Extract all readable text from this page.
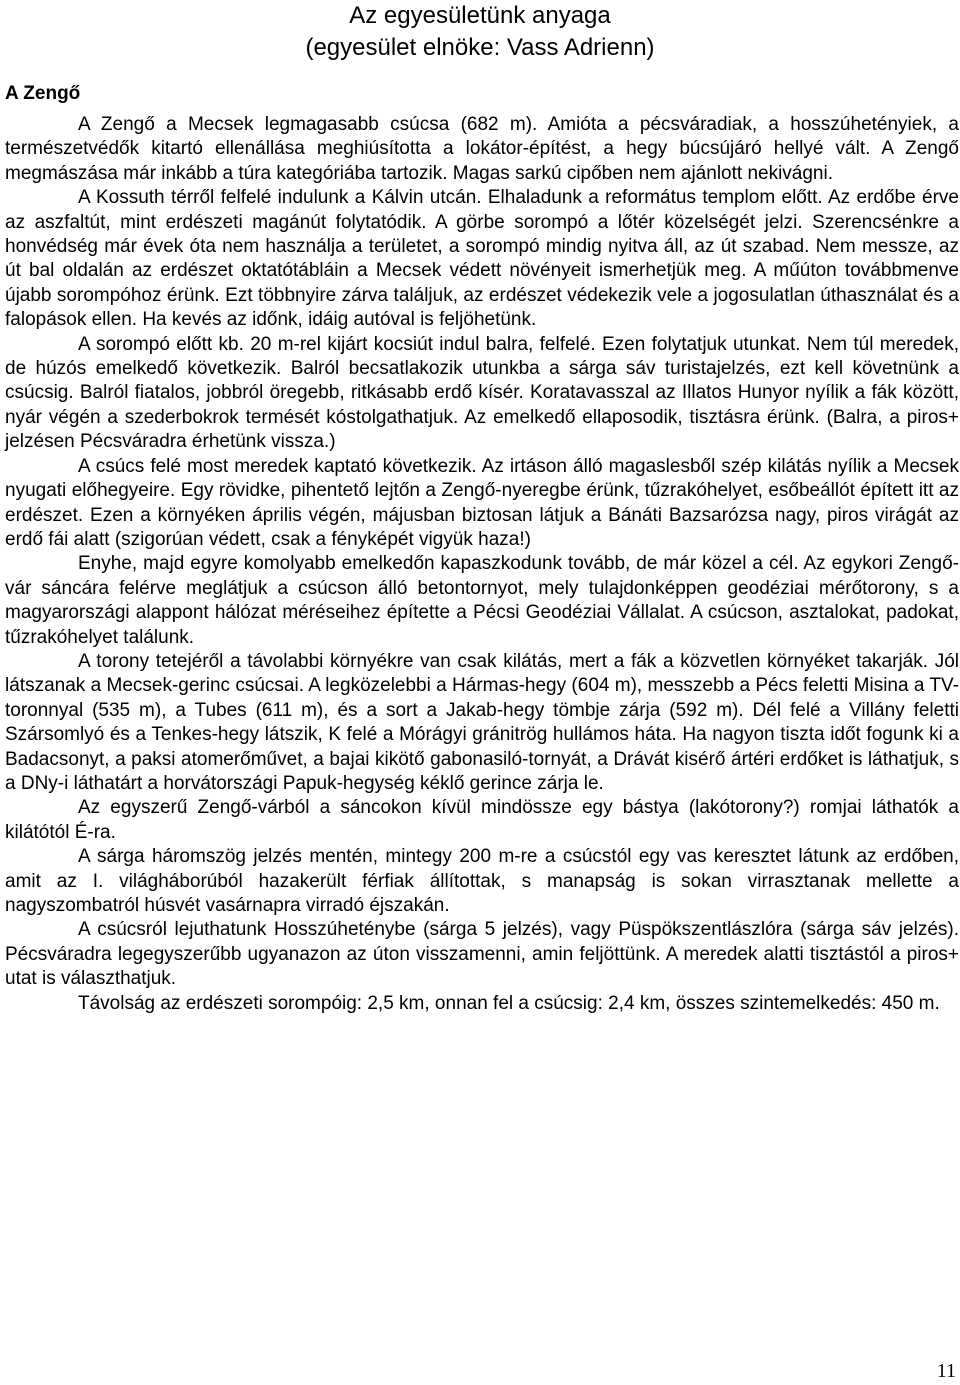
Az egyesületünk anyaga
(egyesület elnöke: Vass Adrienn)
A Zengő

A Zengő a Mecsek legmagasabb csúcsa (682 m). Amióta a pécsváradiak, a hosszúhetényiek, a természetvédők kitartó ellenállása meghiúsította a lokátor-építést, a hegy búcsújáró hellyé vált. A Zengő megmászása már inkább a túra kategóriába tartozik. Magas sarkú cipőben nem ajánlott nekivágni.

A Kossuth térről felfelé indulunk a Kálvin utcán. Elhaladunk a református templom előtt. Az erdőbe érve az aszfaltút, mint erdészeti magánút folytatódik. A görbe sorompó a lőtér közelségét jelzi. Szerencsénkre a honvédség már évek óta nem használja a területet, a sorompó mindig nyitva áll, az út szabad. Nem messze, az út bal oldalán az erdészet oktatótábláin a Mecsek védett növényeit ismerhetjük meg. A műúton továbbmenve újabb sorompóhoz érünk. Ezt többnyire zárva találjuk, az erdészet védekezik vele a jogosulatlan úthasználat és a falopások ellen. Ha kevés az időnk, idáig autóval is feljöhetünk.

A sorompó előtt kb. 20 m-rel kijárt kocsiút indul balra, felfelé. Ezen folytatjuk utunkat. Nem túl meredek, de húzós emelkedő következik. Balról becsatlakozik utunkba a sárga sáv turistajelzés, ezt kell követnünk a csúcsig. Balról fiatalos, jobbról öregebb, ritkásabb erdő kísér. Koratavasszal az Illatos Hunyor nyílik a fák között, nyár végén a szederbokrok termését kóstolgathatjuk. Az emelkedő ellaposodik, tisztásra érünk. (Balra, a piros+ jelzésen Pécsváradra érhetünk vissza.)

A csúcs felé most meredek kaptató következik. Az irtáson álló magaslesből szép kilátás nyílik a Mecsek nyugati előhegyeire. Egy rövidke, pihentető lejtőn a Zengő-nyeregbe érünk, tűzrakóhelyet, esőbeállót épített itt az erdészet. Ezen a környéken április végén, májusban biztosan látjuk a Bánáti Bazsarózsa nagy, piros virágát az erdő fái alatt (szigorúan védett, csak a fényképét vigyük haza!)

Enyhe, majd egyre komolyabb emelkedőn kapaszkodunk tovább, de már közel a cél. Az egykori Zengő-vár sáncára felérve meglátjuk a csúcson álló betontornyot, mely tulajdonképpen geodéziai mérőtorony, s a magyarországi alappont hálózat méréseihez építette a Pécsi Geodéziai Vállalat. A csúcson, asztalokat, padokat, tűzrakóhelyet találunk.

A torony tetejéről a távolabbi környékre van csak kilátás, mert a fák a közvetlen környéket takarják. Jól látszanak a Mecsek-gerinc csúcsai. A legközelebbi a Hármas-hegy (604 m), messzebb a Pécs feletti Misina a TV-toronnyal (535 m), a Tubes (611 m), és a sort a Jakab-hegy tömbje zárja (592 m). Dél felé a Villány feletti Szársomlyó és a Tenkes-hegy látszik, K felé a Mórágyi gránitrög hullámos háta. Ha nagyon tiszta időt fogunk ki a Badacsonyt, a paksi atomerőművet, a bajai kikötő gabonasiló-tornyát, a Drávát kisérő ártéri erdőket is láthatjuk, s a DNy-i láthatárt a horvátországi Papuk-hegység kéklő gerince zárja le.

Az egyszerű Zengő-várból a sáncokon kívül mindössze egy bástya (lakótorony?) romjai láthatók a kilátótól É-ra.

A sárga háromszög jelzés mentén, mintegy 200 m-re a csúcstól egy vas keresztet látunk az erdőben, amit az I. világháborúból hazakerült férfiak állítottak, s manapság is sokan virrasztanak mellette a nagyszombatról húsvét vasárnapra virradó éjszakán.

A csúcsról lejuthatunk Hosszúheténybe (sárga 5 jelzés), vagy Püspökszentlászlóra (sárga sáv jelzés). Pécsváradra legegyszerűbb ugyanazon az úton visszamenni, amin feljöttünk. A meredek alatti tisztástól a piros+ utat is választhatjuk.

Távolság az erdészeti sorompóig: 2,5 km, onnan fel a csúcsig: 2,4 km, összes szintemelkedés: 450 m.

11
